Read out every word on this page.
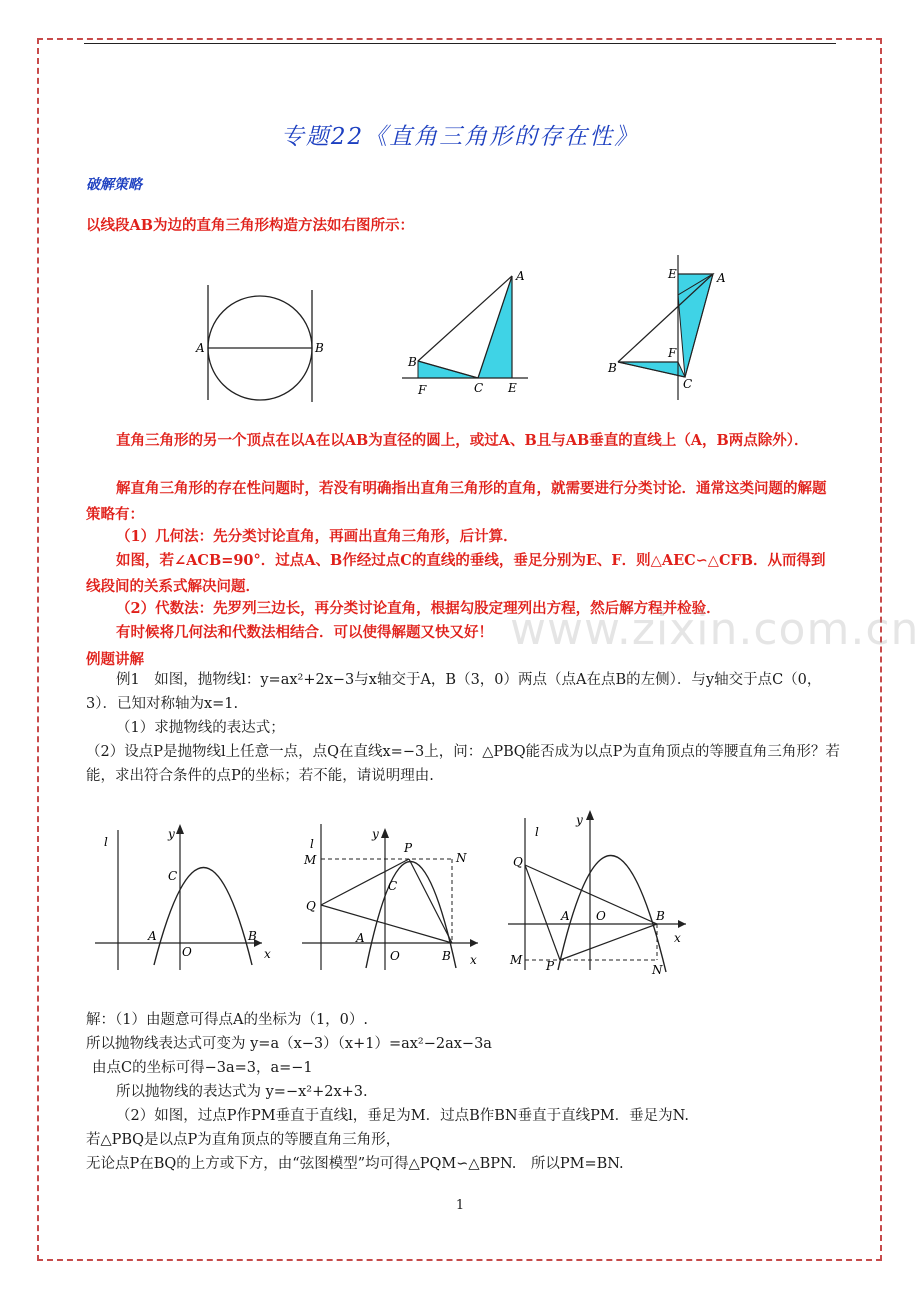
专题22《直角三角形的存在性》
破解策略
以线段AB为边的直角三角形构造方法如右图所示：
A	B
A
B
F	C E
E	A
F
B
C
直角三角形的另一个顶点在以A在以AB为直径的圆上，或过A、B且与AB垂直的直线上（A，B两点除外）．
解直角三角形的存在性问题时，若没有明确指出直角三角形的直角，就需要进行分类讨论．通常这类问题的解题策略有：
（1）几何法：先分类讨论直角，再画出直角三角形，后计算．
如图，若∠ACB=90°．过点A、B作经过点C的直线的垂线，垂足分别为E、F．则△AEC∽△CFB．从而得到线段间的关系式解决问题．
（2）代数法：先罗列三边长，再分类讨论直角，根据勾股定理列出方程，然后解方程并检验．
有时候将几何法和代数法相结合．可以使得解题又快又好！ www.zixin.com.cn
例题讲解
例1　如图，抛物线l：y=ax²+2x−3与x轴交于A，B（3，0）两点（点A在点B的左侧）．与y轴交于点C（0，3）．已知对称轴为x=1.
（1）求抛物线的表达式；
（2）设点P是抛物线l上任意一点，点Q在直线x=−3上，问：△PBQ能否成为以点P为直角顶点的等腰直角三角形？若能，求出符合条件的点P的坐标；若不能，请说明理由.
l
y
C
A
O
B
x
l
y
M
P
N
C
Q
A
O	B x
l
y
Q
A O	B
x
M P	N
解：（1）由题意可得点A的坐标为（1，0）.
所以抛物线表达式可变为 y=a（x−3）（x+1）=ax²−2ax−3a
由点C的坐标可得−3a=3，a=−1
所以抛物线的表达式为 y=−x²+2x+3.
（2）如图，过点P作PM垂直于直线l，垂足为M．过点B作BN垂直于直线PM．垂足为N.
若△PBQ是以点P为直角顶点的等腰直角三角形，
无论点P在BQ的上方或下方，由“弦图模型”均可得△PQM∽△BPN.　所以PM=BN.
1
